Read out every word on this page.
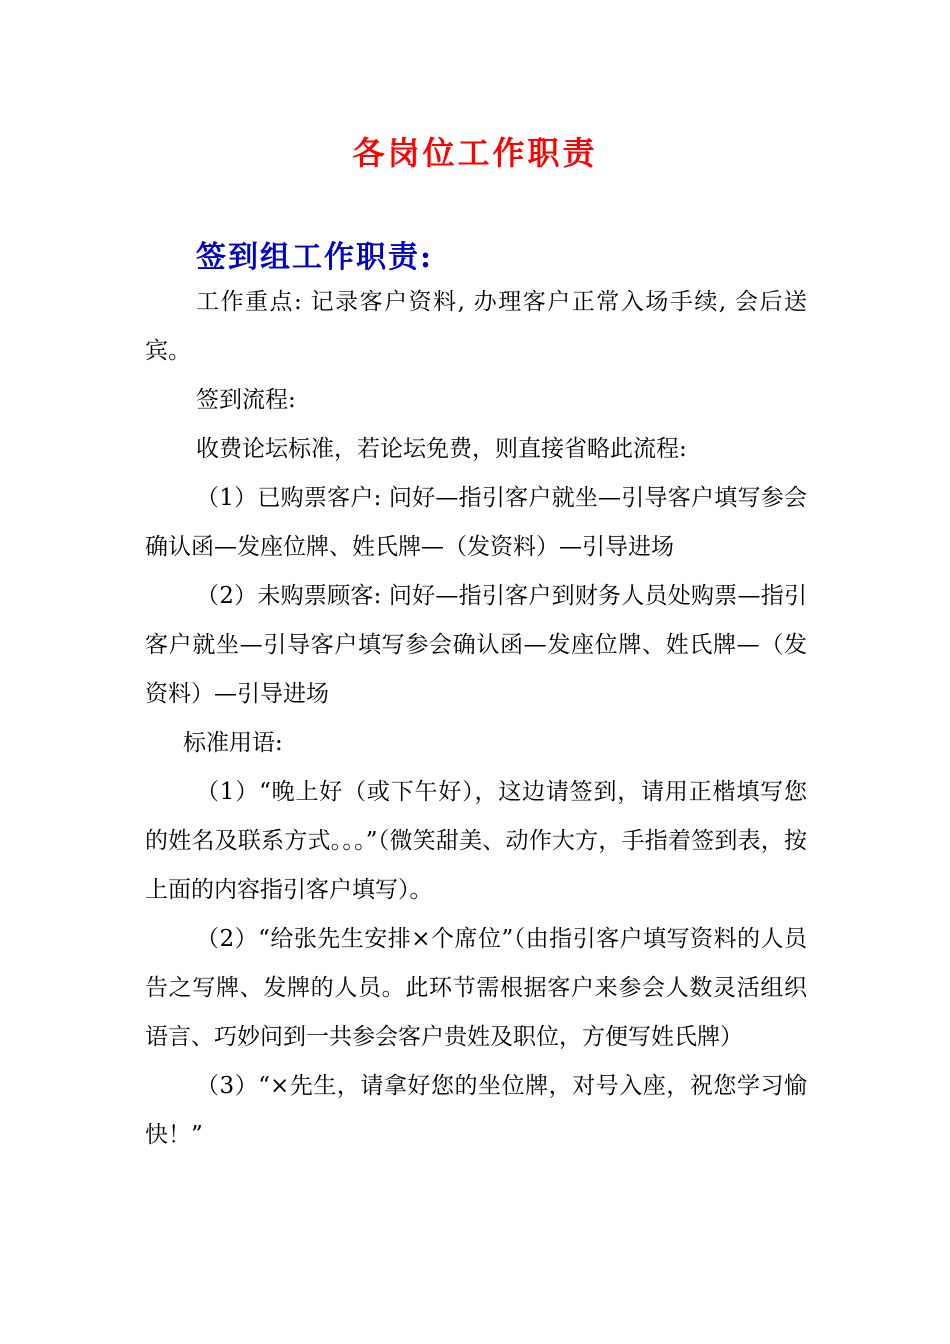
各岗位工作职责
签到组工作职责:

工作重点: 记录客户资料, 办理客户正常入场手续, 会后送宾。

签到流程:

收费论坛标准，若论坛免费，则直接省略此流程:

（1）已购票客户: 问好—指引客户就坐—引导客户填写参会确认函—发座位牌、姓氏牌—（发资料）—引导进场

（2）未购票顾客: 问好—指引客户到财务人员处购票—指引客户就坐—引导客户填写参会确认函—发座位牌、姓氏牌—（发资料）—引导进场

标准用语:

（1）“晚上好（或下午好），这边请签到，请用正楷填写您的姓名及联系方式。。。”（微笑甜美、动作大方，手指着签到表，按上面的内容指引客户填写）。

（2）“给张先生安排×个席位”（由指引客户填写资料的人员告之写牌、发牌的人员。此环节需根据客户来参会人数灵活组织语言、巧妙问到一共参会客户贵姓及职位，方便写姓氏牌）

（3）“×先生，请拿好您的坐位牌，对号入座，祝您学习愉快！”
